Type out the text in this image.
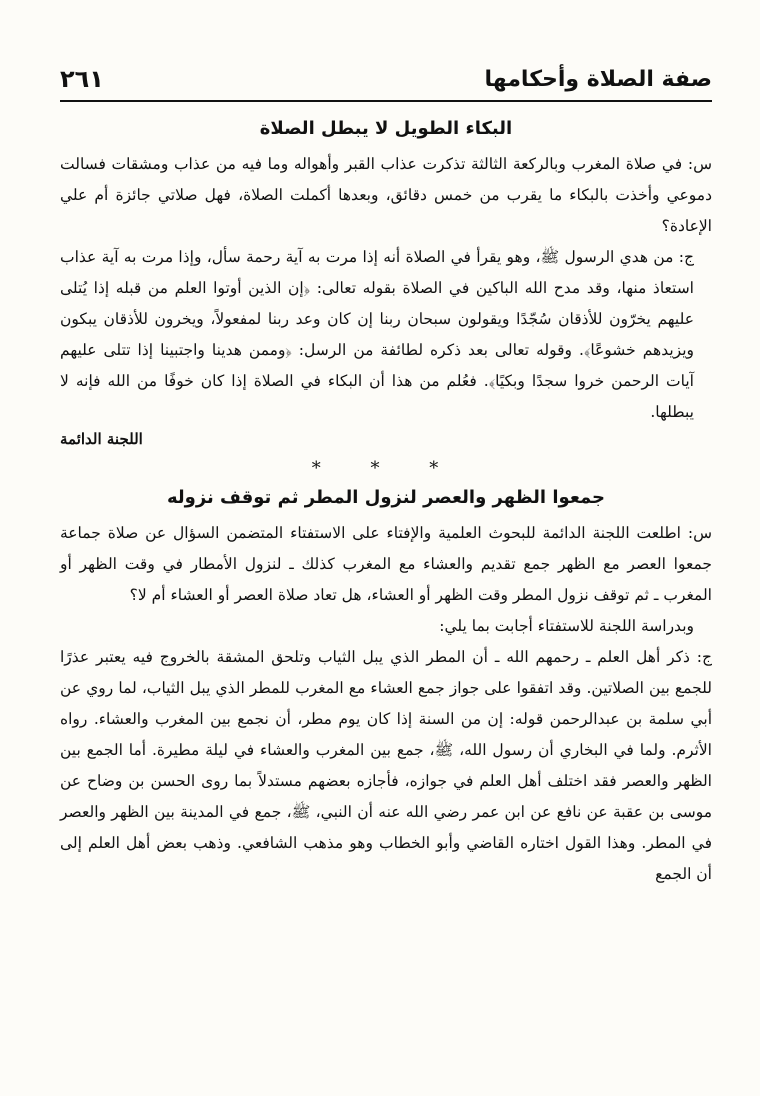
صفة الصلاة وأحكامها
٢٦١
البكاء الطويل لا يبطل الصلاة

س: في صلاة المغرب وبالركعة الثالثة تذكرت عذاب القبر وأهواله وما فيه من عذاب ومشقات فسالت دموعي وأخذت بالبكاء ما يقرب من خمس دقائق، وبعدها أكملت الصلاة، فهل صلاتي جائزة أم علي الإعادة؟

ج: من هدي الرسول ﷺ، وهو يقرأ في الصلاة أنه إذا مرت به آية رحمة سأل، وإذا مرت به آية عذاب استعاذ منها، وقد مدح الله الباكين في الصلاة بقوله تعالى: ﴿إن الذين أوتوا العلم من قبله إذا يُتلى عليهم يخرّون للأذقان سُجّدًا ويقولون سبحان ربنا إن كان وعد ربنا لمفعولاً، ويخرون للأذقان يبكون ويزيدهم خشوعًا﴾. وقوله تعالى بعد ذكره لطائفة من الرسل: ﴿وممن هدينا واجتبينا إذا تتلى عليهم آيات الرحمن خروا سجدًا وبكيًا﴾. فعُلم من هذا أن البكاء في الصلاة إذا كان خوفًا من الله فإنه لا يبطلها.

اللجنة الدائمة
* * *
جمعوا الظهر والعصر لنزول المطر ثم توقف نزوله

س: اطلعت اللجنة الدائمة للبحوث العلمية والإفتاء على الاستفتاء المتضمن السؤال عن صلاة جماعة جمعوا العصر مع الظهر جمع تقديم والعشاء مع المغرب كذلك ـ لنزول الأمطار في وقت الظهر أو المغرب ـ ثم توقف نزول المطر وقت الظهر أو العشاء، هل تعاد صلاة العصر أو العشاء أم لا؟

وبدراسة اللجنة للاستفتاء أجابت بما يلي:

ج: ذكر أهل العلم ـ رحمهم الله ـ أن المطر الذي يبل الثياب وتلحق المشقة بالخروج فيه يعتبر عذرًا للجمع بين الصلاتين. وقد اتفقوا على جواز جمع العشاء مع المغرب للمطر الذي يبل الثياب، لما روي عن أبي سلمة بن عبدالرحمن قوله: إن من السنة إذا كان يوم مطر، أن نجمع بين المغرب والعشاء. رواه الأثرم. ولما في البخاري أن رسول الله، ﷺ، جمع بين المغرب والعشاء في ليلة مطيرة. أما الجمع بين الظهر والعصر فقد اختلف أهل العلم في جوازه، فأجازه بعضهم مستدلاً بما روى الحسن بن وضاح عن موسى بن عقبة عن نافع عن ابن عمر رضي الله عنه أن النبي، ﷺ، جمع في المدينة بين الظهر والعصر في المطر. وهذا القول اختاره القاضي وأبو الخطاب وهو مذهب الشافعي. وذهب بعض أهل العلم إلى أن الجمع
